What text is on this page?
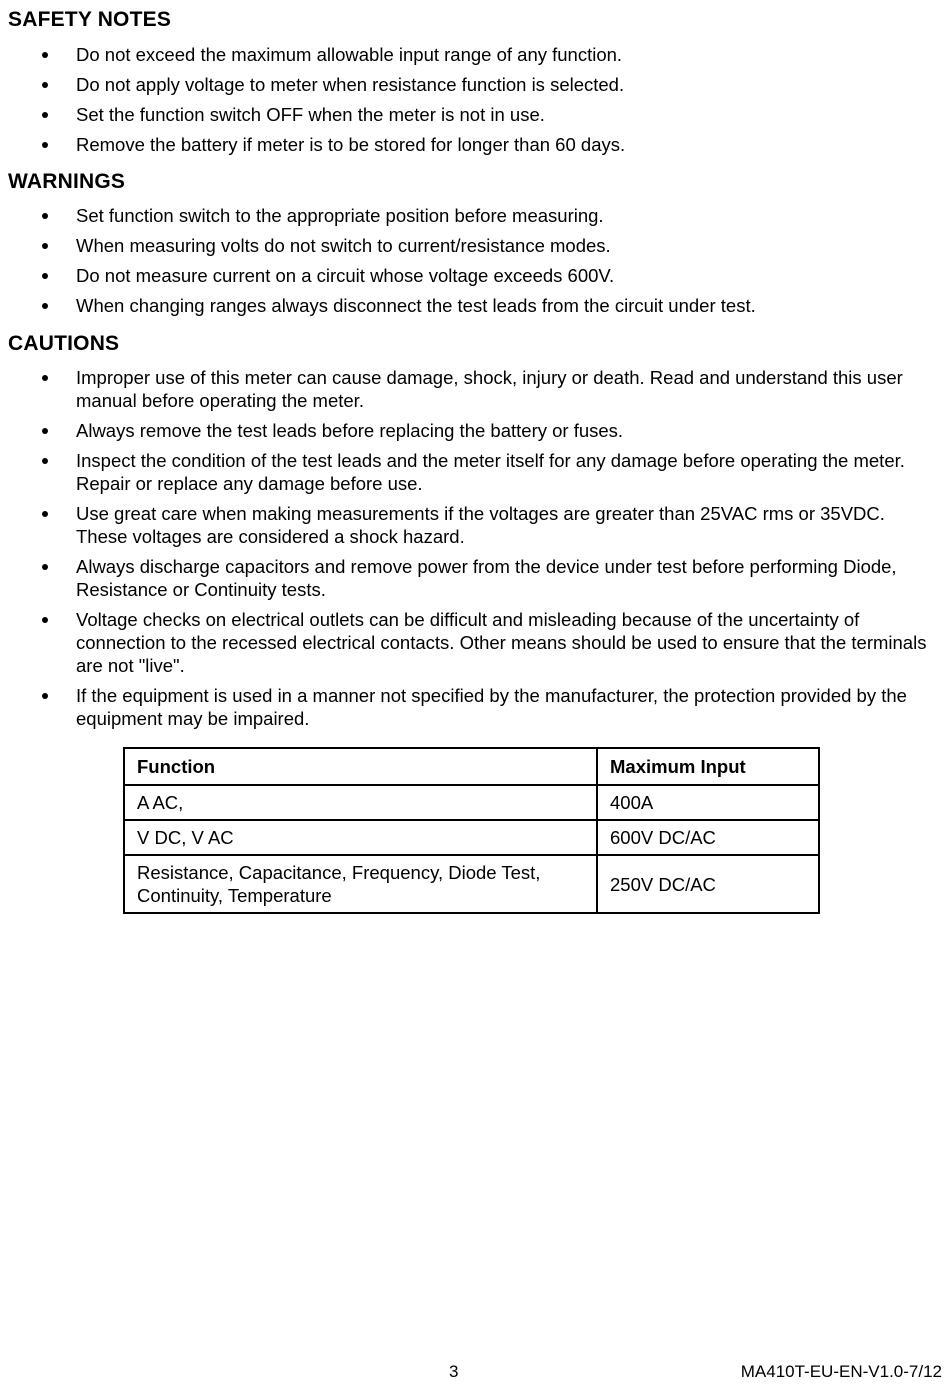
SAFETY NOTES
Do not exceed the maximum allowable input range of any function.
Do not apply voltage to meter when resistance function is selected.
Set the function switch OFF when the meter is not in use.
Remove the battery if meter is to be stored for longer than 60 days.
WARNINGS
Set function switch to the appropriate position before measuring.
When measuring volts do not switch to current/resistance modes.
Do not measure current on a circuit whose voltage exceeds 600V.
When changing ranges always disconnect the test leads from the circuit under test.
CAUTIONS
Improper use of this meter can cause damage, shock, injury or death. Read and understand this user manual before operating the meter.
Always remove the test leads before replacing the battery or fuses.
Inspect the condition of the test leads and the meter itself for any damage before operating the meter. Repair or replace any damage before use.
Use great care when making measurements if the voltages are greater than 25VAC rms or 35VDC. These voltages are considered a shock hazard.
Always discharge capacitors and remove power from the device under test before performing Diode, Resistance or Continuity tests.
Voltage checks on electrical outlets can be difficult and misleading because of the uncertainty of connection to the recessed electrical contacts. Other means should be used to ensure that the terminals are not "live".
If the equipment is used in a manner not specified by the manufacturer, the protection provided by the equipment may be impaired.
Function	Maximum Input
A AC,	400A
V DC, V AC	600V DC/AC
Resistance, Capacitance, Frequency, Diode Test, Continuity, Temperature	250V DC/AC
3	MA410T-EU-EN-V1.0-7/12
